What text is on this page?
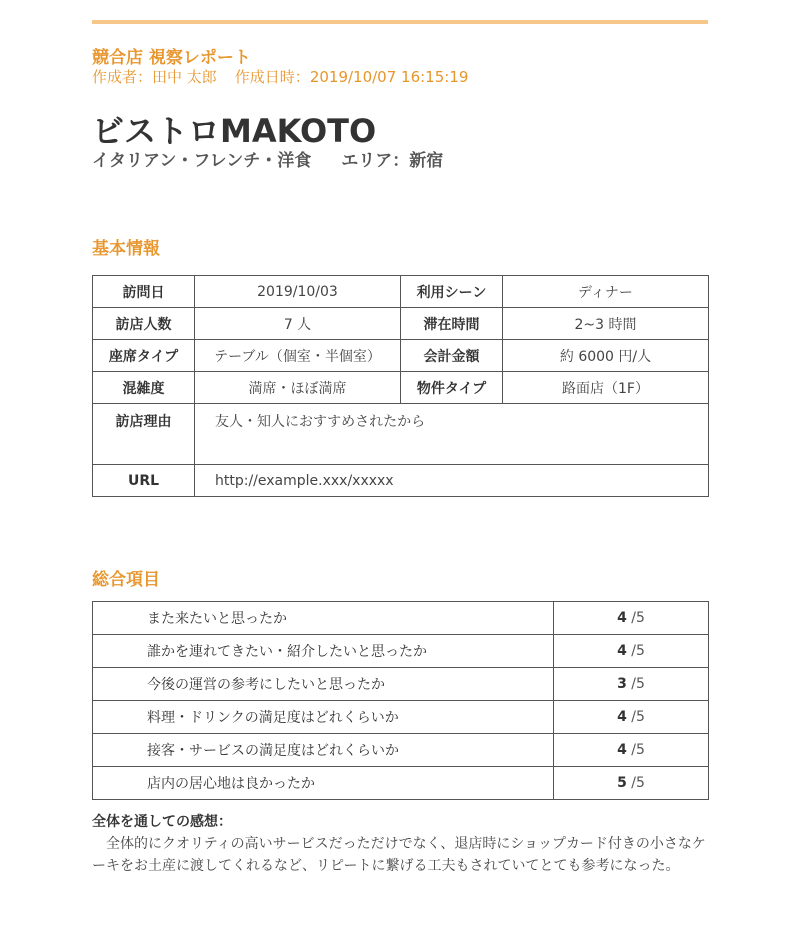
競合店 視察レポート
作成者：田中 太郎 作成日時：2019/10/07 16:15:19
ビストロMAKOTO
イタリアン・フレンチ・洋食 エリア：新宿
基本情報
訪問日	2019/10/03	利用シーン	ディナー
訪店人数	7 人	滞在時間	2~3 時間
座席タイプ	テーブル（個室・半個室）	会計金額	約 6000 円/人
混雑度	満席・ほぼ満席	物件タイプ	路面店（1F）
訪店理由	友人・知人におすすめされたから		
URL	http://example.xxx/xxxxx		
総合項目
また来たいと思ったか	4 /5
誰かを連れてきたい・紹介したいと思ったか	4 /5
今後の運営の参考にしたいと思ったか	3 /5
料理・ドリンクの満足度はどれくらいか	4 /5
接客・サービスの満足度はどれくらいか	4 /5
店内の居心地は良かったか	5 /5
全体を通しての感想：
全体的にクオリティの高いサービスだっただけでなく、退店時にショップカード付きの小さなケーキをお土産に渡してくれるなど、リピートに繋げる工夫もされていてとても参考になった。
